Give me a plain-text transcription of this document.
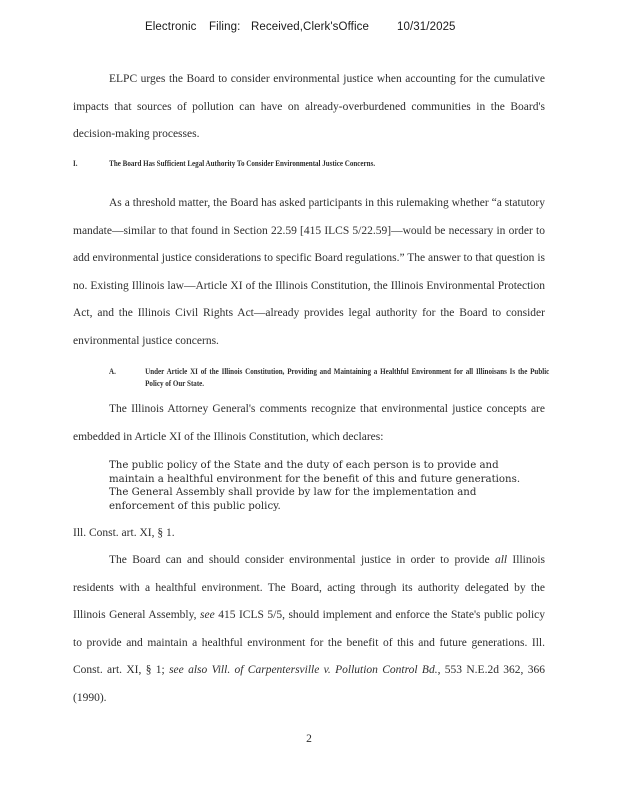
Electronic Filing: Received,Clerk'sOffice 10/31/2025

ELPC urges the Board to consider environmental justice when accounting for the cumulative impacts that sources of pollution can have on already-overburdened communities in the Board's decision-making processes.

I.	The Board Has Sufficient Legal Authority To Consider Environmental Justice Concerns.

As a threshold matter, the Board has asked participants in this rulemaking whether “a statutory mandate—similar to that found in Section 22.59 [415 ILCS 5/22.59]—would be necessary in order to add environmental justice considerations to specific Board regulations.” The answer to that question is no. Existing Illinois law—Article XI of the Illinois Constitution, the Illinois Environmental Protection Act, and the Illinois Civil Rights Act—already provides legal authority for the Board to consider environmental justice concerns.

A.	Under Article XI of the Illinois Constitution, Providing and Maintaining a Healthful Environment for all Illinoisans Is the Public Policy of Our State.

The Illinois Attorney General's comments recognize that environmental justice concepts are embedded in Article XI of the Illinois Constitution, which declares:

The public policy of the State and the duty of each person is to provide and maintain a healthful environment for the benefit of this and future generations. The General Assembly shall provide by law for the implementation and enforcement of this public policy.

Ill. Const. art. XI, § 1.

The Board can and should consider environmental justice in order to provide all Illinois residents with a healthful environment. The Board, acting through its authority delegated by the Illinois General Assembly, see 415 ICLS 5/5, should implement and enforce the State's public policy to provide and maintain a healthful environment for the benefit of this and future generations. Ill. Const. art. XI, § 1; see also Vill. of Carpentersville v. Pollution Control Bd., 553 N.E.2d 362, 366 (1990).

2
